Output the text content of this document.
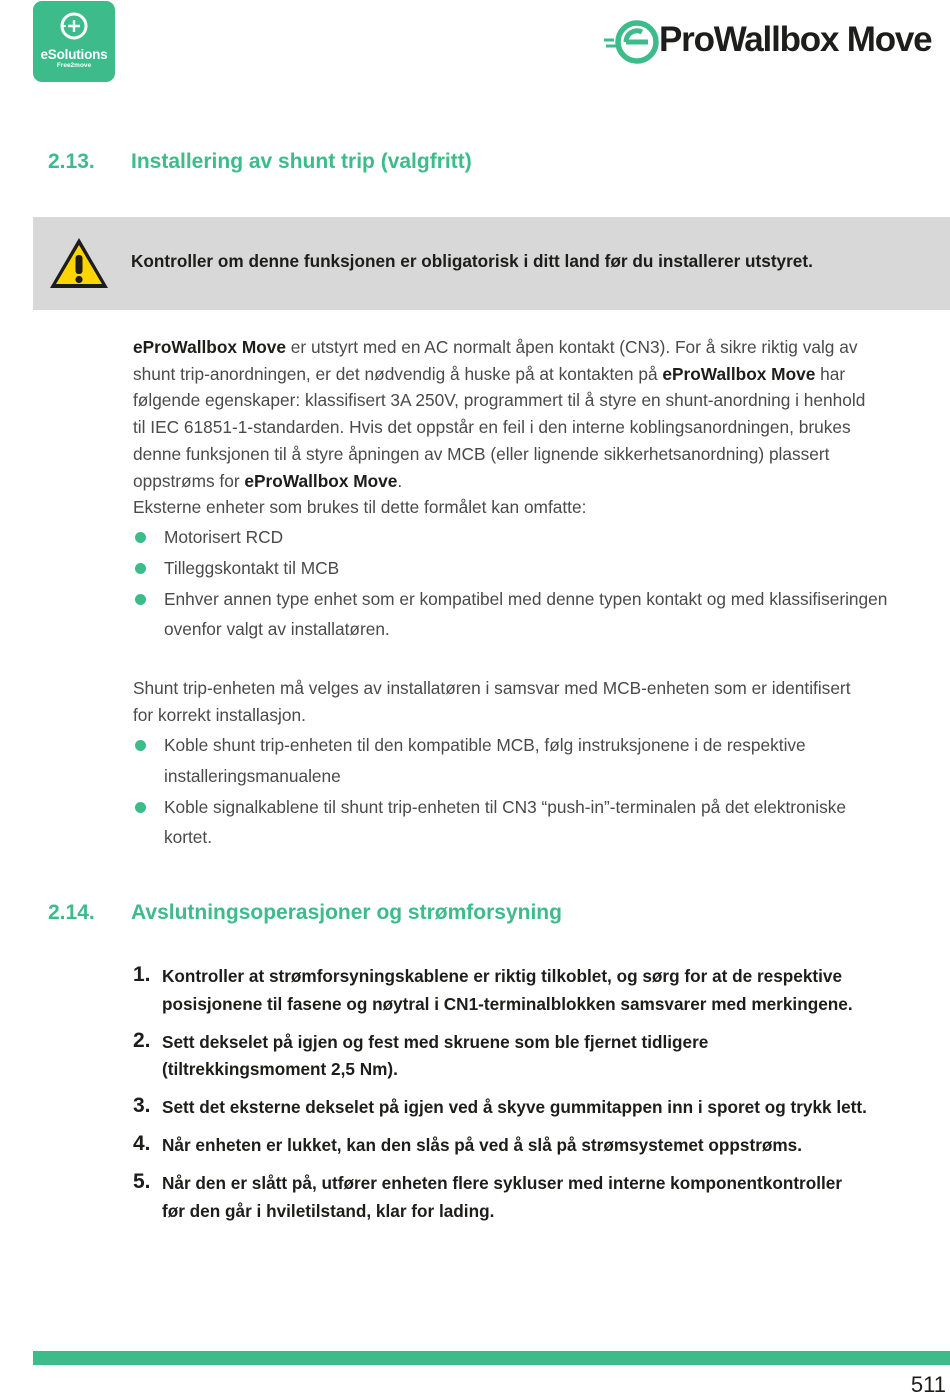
eSolutions
Free2move
ProWallbox Move
2.13. Installering av shunt trip (valgfritt)
Kontroller om denne funksjonen er obligatorisk i ditt land før du installerer utstyret.
eProWallbox Move er utstyrt med en AC normalt åpen kontakt (CN3). For å sikre riktig valg av
shunt trip-anordningen, er det nødvendig å huske på at kontakten på eProWallbox Move har
følgende egenskaper: klassifisert 3A 250V, programmert til å styre en shunt-anordning i henhold
til IEC 61851-1-standarden. Hvis det oppstår en feil i den interne koblingsanordningen, brukes
denne funksjonen til å styre åpningen av MCB (eller lignende sikkerhetsanordning) plassert
oppstrøms for eProWallbox Move.
Eksterne enheter som brukes til dette formålet kan omfatte:
Motorisert RCD
Tilleggskontakt til MCB
Enhver annen type enhet som er kompatibel med denne typen kontakt og med klassifiseringen
ovenfor valgt av installatøren.
Shunt trip-enheten må velges av installatøren i samsvar med MCB-enheten som er identifisert
for korrekt installasjon.
Koble shunt trip-enheten til den kompatible MCB, følg instruksjonene i de respektive
installeringsmanualene
Koble signalkablene til shunt trip-enheten til CN3 “push-in”-terminalen på det elektroniske
kortet.
2.14. Avslutningsoperasjoner og strømforsyning
1. Kontroller at strømforsyningskablene er riktig tilkoblet, og sørg for at de respektive
posisjonene til fasene og nøytral i CN1-terminalblokken samsvarer med merkingene.
2. Sett dekselet på igjen og fest med skruene som ble fjernet tidligere
(tiltrekkingsmoment 2,5 Nm).
3. Sett det eksterne dekselet på igjen ved å skyve gummitappen inn i sporet og trykk lett.
4. Når enheten er lukket, kan den slås på ved å slå på strømsystemet oppstrøms.
5. Når den er slått på, utfører enheten flere sykluser med interne komponentkontroller
før den går i hviletilstand, klar for lading.
511
